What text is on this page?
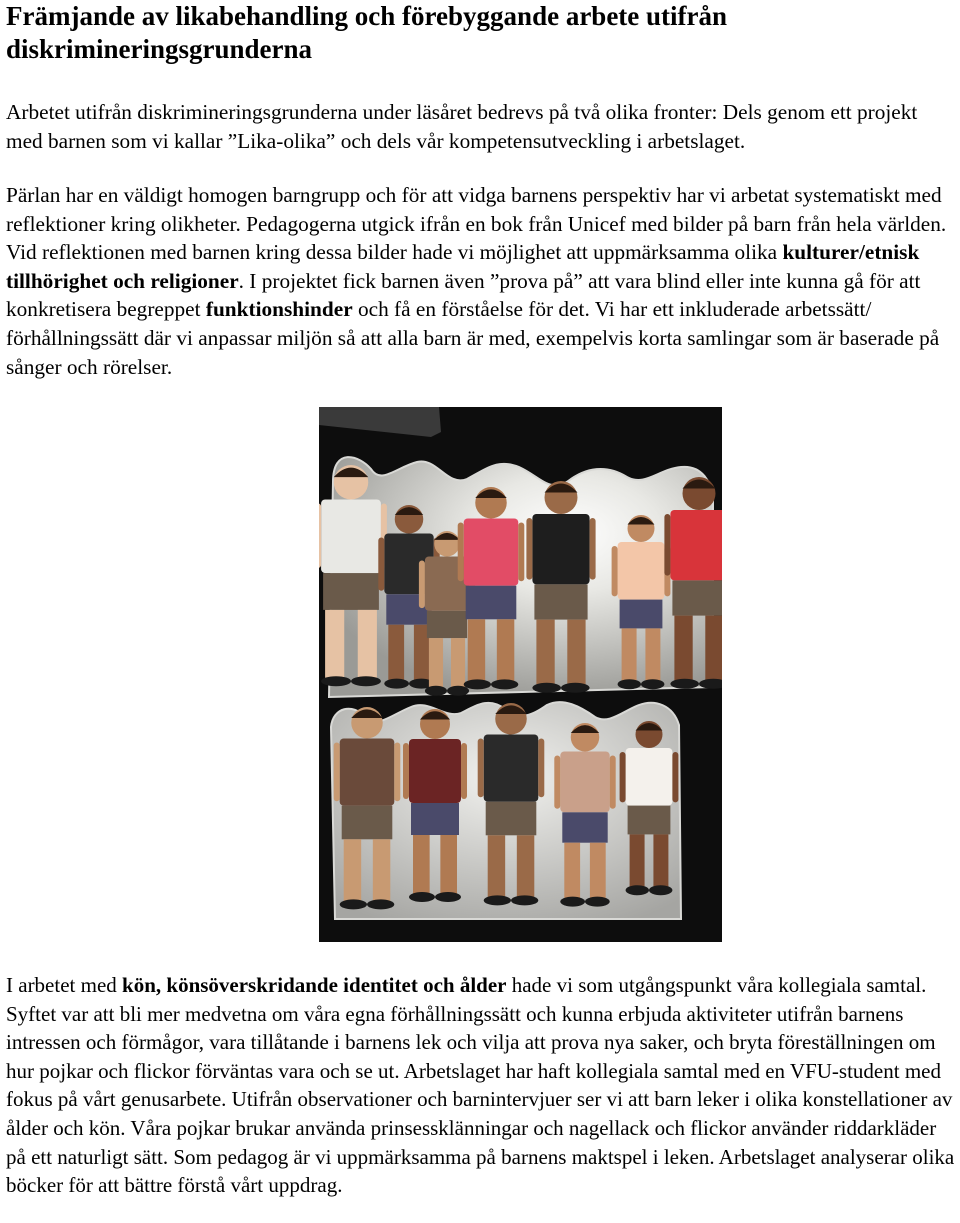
Främjande av likabehandling och förebyggande arbete utifrån diskrimineringsgrunderna

Arbetet utifrån diskrimineringsgrunderna under läsåret bedrevs på två olika fronter: Dels genom ett projekt med barnen som vi kallar ”Lika-olika” och dels vår kompetensutveckling i arbetslaget.

Pärlan har en väldigt homogen barngrupp och för att vidga barnens perspektiv har vi arbetat systematiskt med reflektioner kring olikheter. Pedagogerna utgick ifrån en bok från Unicef med bilder på barn från hela världen. Vid reflektionen med barnen kring dessa bilder hade vi möjlighet att uppmärksamma olika kulturer/etnisk tillhörighet och religioner. I projektet fick barnen även ”prova på” att vara blind eller inte kunna gå för att konkretisera begreppet funktionshinder och få en förståelse för det. Vi har ett inkluderade arbetssätt/ förhållningssätt där vi anpassar miljön så att alla barn är med, exempelvis korta samlingar som är baserade på sånger och rörelser.

I arbetet med kön, könsöverskridande identitet och ålder hade vi som utgångspunkt våra kollegiala samtal. Syftet var att bli mer medvetna om våra egna förhållningssätt och kunna erbjuda aktiviteter utifrån barnens intressen och förmågor, vara tillåtande i barnens lek och vilja att prova nya saker, och bryta föreställningen om hur pojkar och flickor förväntas vara och se ut. Arbetslaget har haft kollegiala samtal med en VFU-student med fokus på vårt genusarbete. Utifrån observationer och barnintervjuer ser vi att barn leker i olika konstellationer av ålder och kön. Våra pojkar brukar använda prinsessklänningar och nagellack och flickor använder riddarkläder på ett naturligt sätt. Som pedagog är vi uppmärksamma på barnens maktspel i leken. Arbetslaget analyserar olika böcker för att bättre förstå vårt uppdrag.
